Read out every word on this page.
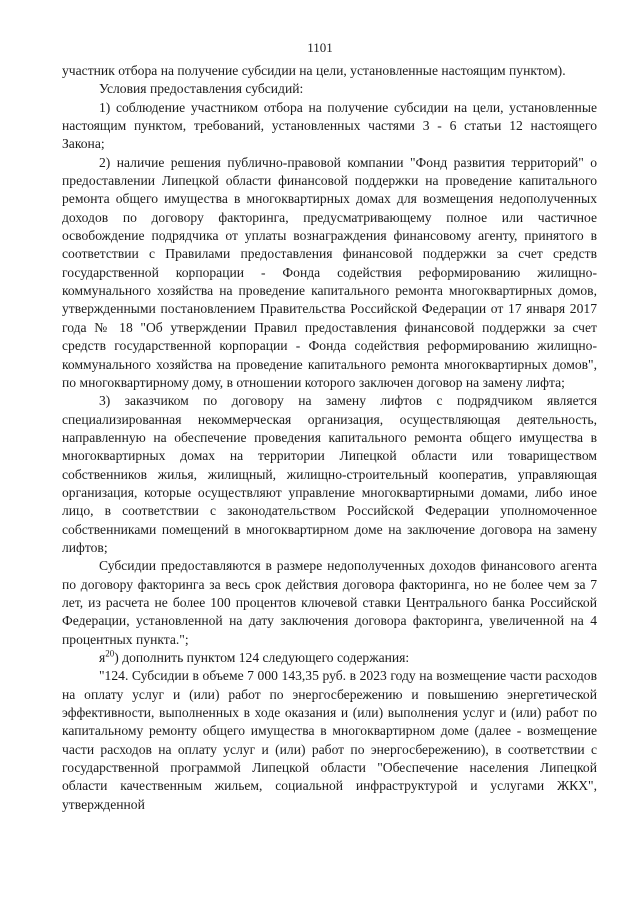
1101

участник отбора на получение субсидии на цели, установленные настоящим пунктом).

Условия предоставления субсидий:

1) соблюдение участником отбора на получение субсидии на цели, установленные настоящим пунктом, требований, установленных частями 3 - 6 статьи 12 настоящего Закона;

2) наличие решения публично-правовой компании "Фонд развития территорий" о предоставлении Липецкой области финансовой поддержки на проведение капитального ремонта общего имущества в многоквартирных домах для возмещения недополученных доходов по договору факторинга, предусматривающему полное или частичное освобождение подрядчика от уплаты вознаграждения финансовому агенту, принятого в соответствии с Правилами предоставления финансовой поддержки за счет средств государственной корпорации - Фонда содействия реформированию жилищно-коммунального хозяйства на проведение капитального ремонта многоквартирных домов, утвержденными постановлением Правительства Российской Федерации от 17 января 2017 года № 18 "Об утверждении Правил предоставления финансовой поддержки за счет средств государственной корпорации - Фонда содействия реформированию жилищно-коммунального хозяйства на проведение капитального ремонта многоквартирных домов", по многоквартирному дому, в отношении которого заключен договор на замену лифта;

3) заказчиком по договору на замену лифтов с подрядчиком является специализированная некоммерческая организация, осуществляющая деятельность, направленную на обеспечение проведения капитального ремонта общего имущества в многоквартирных домах на территории Липецкой области или товариществом собственников жилья, жилищный, жилищно-строительный кооператив, управляющая организация, которые осуществляют управление многоквартирными домами, либо иное лицо, в соответствии с законодательством Российской Федерации уполномоченное собственниками помещений в многоквартирном доме на заключение договора на замену лифтов;

Субсидии предоставляются в размере недополученных доходов финансового агента по договору факторинга за весь срок действия договора факторинга, но не более чем за 7 лет, из расчета не более 100 процентов ключевой ставки Центрального банка Российской Федерации, установленной на дату заключения договора факторинга, увеличенной на 4 процентных пункта.";

$я^{20}$) дополнить пунктом 124 следующего содержания:

"124. Субсидии в объеме 7 000 143,35 руб. в 2023 году на возмещение части расходов на оплату услуг и (или) работ по энергосбережению и повышению энергетической эффективности, выполненных в ходе оказания и (или) выполнения услуг и (или) работ по капитальному ремонту общего имущества в многоквартирном доме (далее - возмещение части расходов на оплату услуг и (или) работ по энергосбережению), в соответствии с государственной программой Липецкой области "Обеспечение населения Липецкой области качественным жильем, социальной инфраструктурой и услугами ЖКХ", утвержденной
